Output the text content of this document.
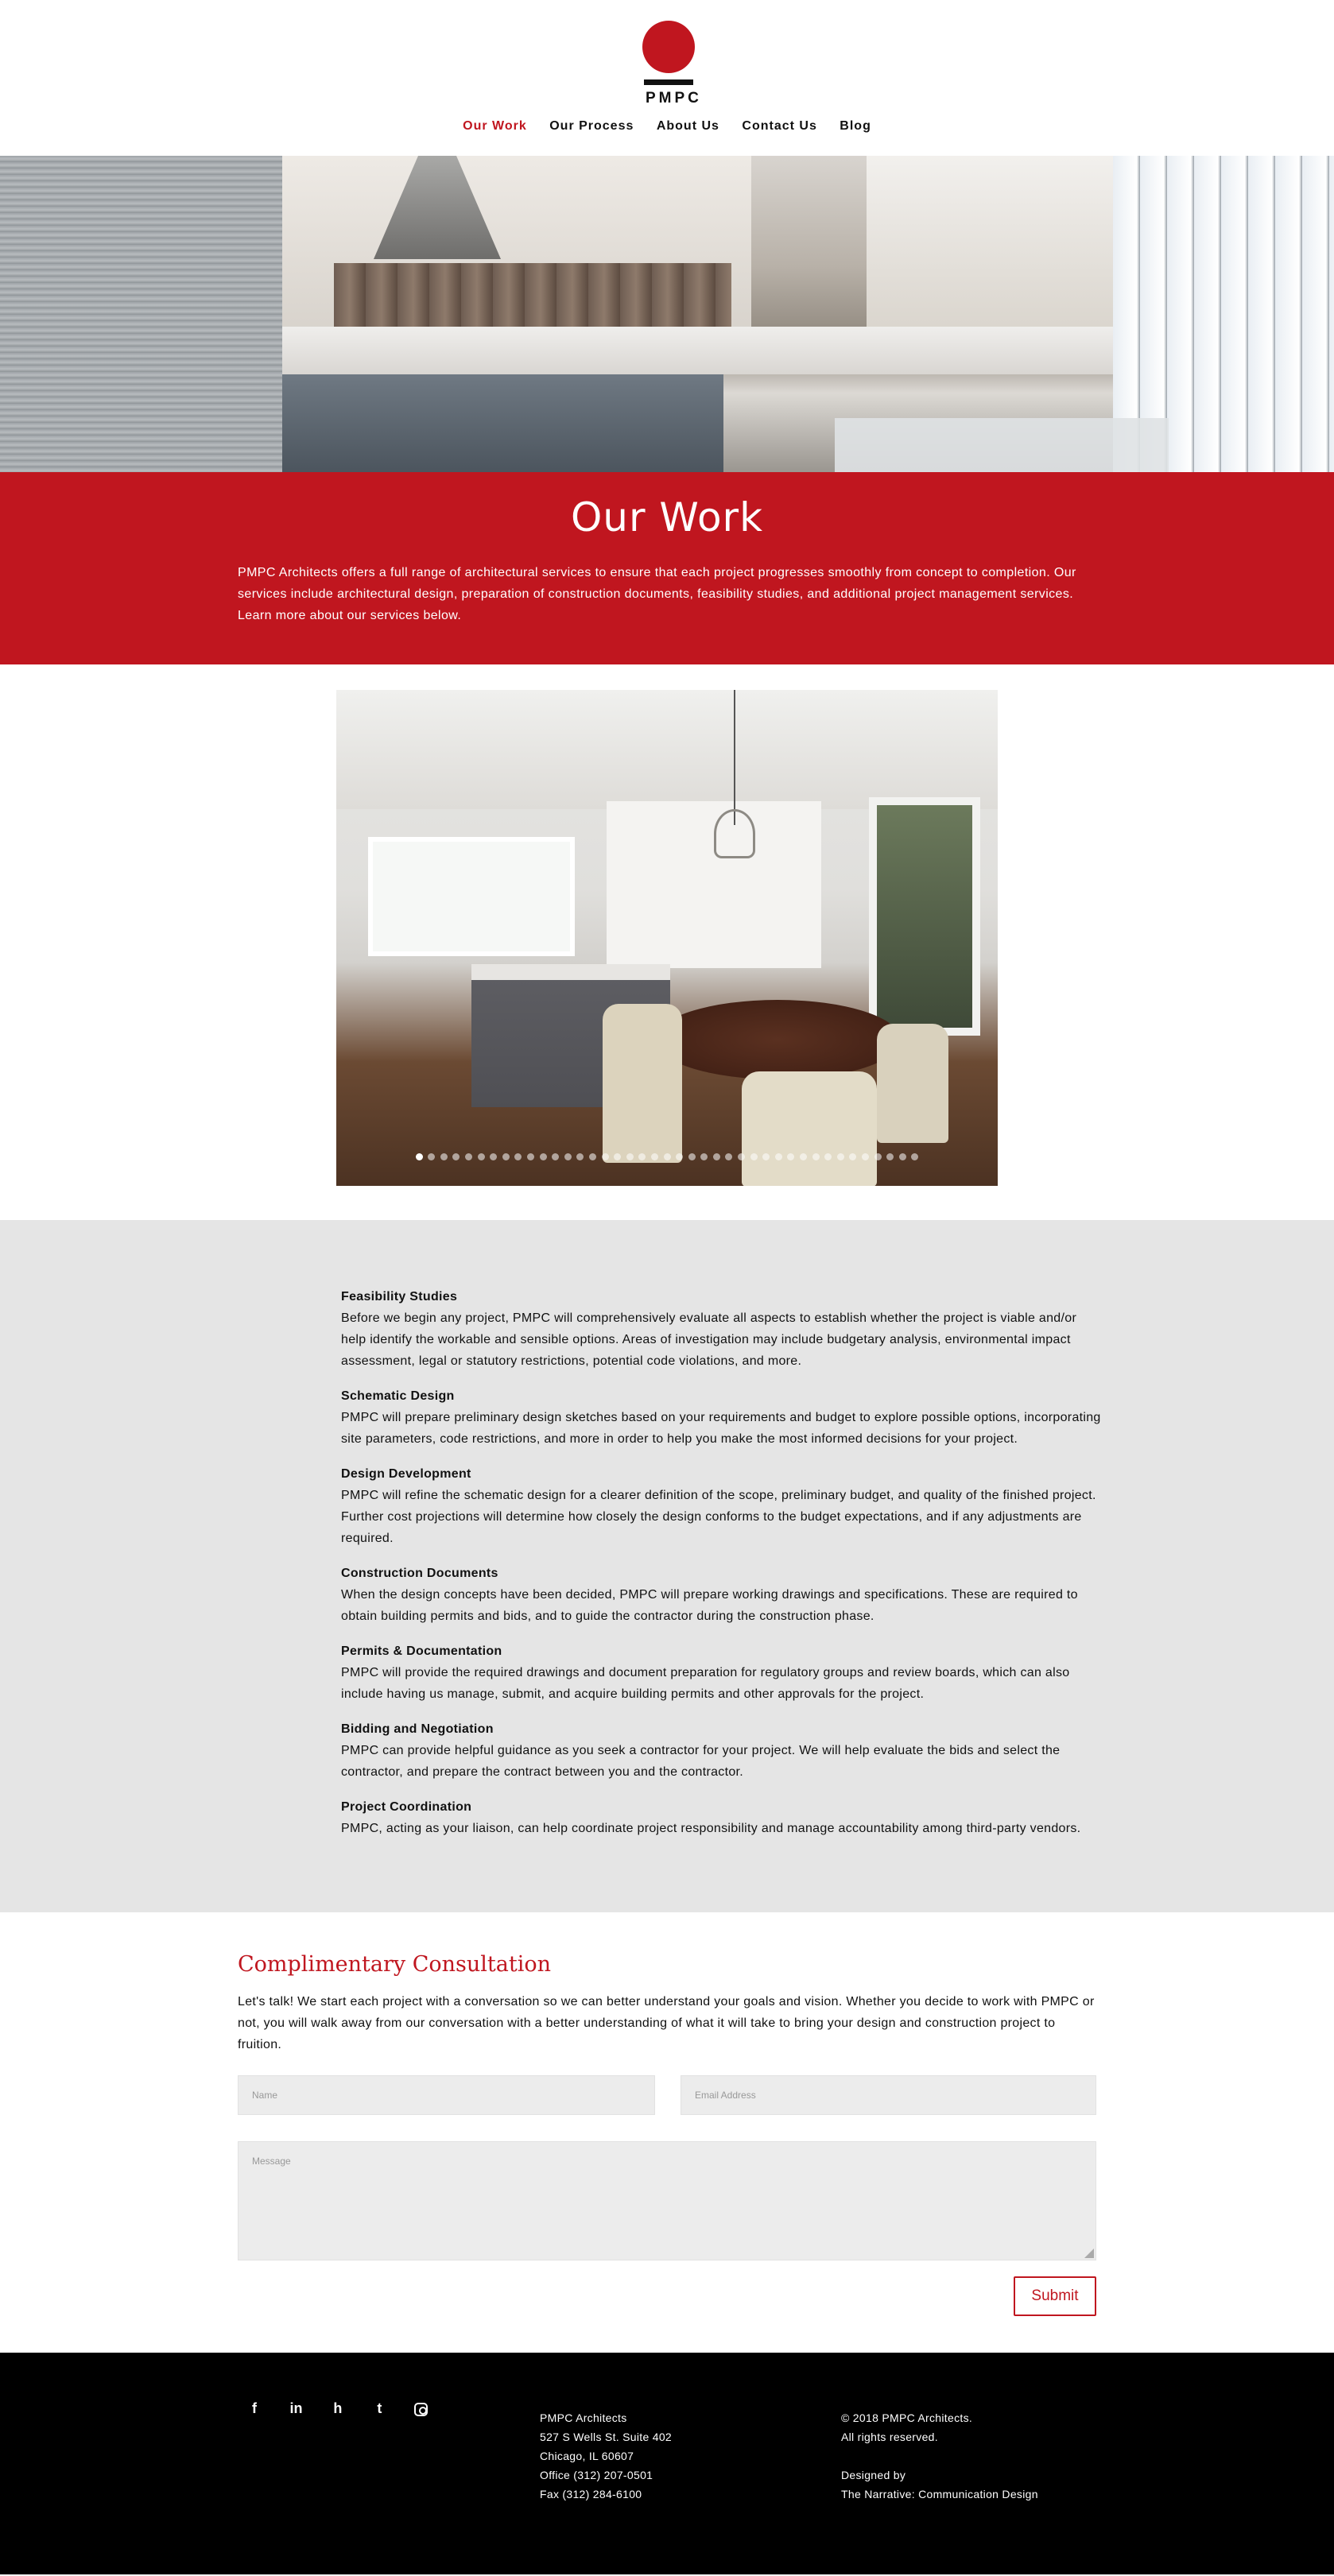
PMPC
Our Work Our Process About Us Contact Us Blog
Our Work

PMPC Architects offers a full range of architectural services to ensure that each project progresses smoothly from concept to completion. Our services include architectural design, preparation of construction documents, feasibility studies, and additional project management services. Learn more about our services below.

Feasibility Studies

Before we begin any project, PMPC will comprehensively evaluate all aspects to establish whether the project is viable and/or help identify the workable and sensible options. Areas of investigation may include budgetary analysis, environmental impact assessment, legal or statutory restrictions, potential code violations, and more.

Schematic Design

PMPC will prepare preliminary design sketches based on your requirements and budget to explore possible options, incorporating site parameters, code restrictions, and more in order to help you make the most informed decisions for your project.

Design Development

PMPC will refine the schematic design for a clearer definition of the scope, preliminary budget, and quality of the finished project. Further cost projections will determine how closely the design conforms to the budget expectations, and if any adjustments are required.

Construction Documents

When the design concepts have been decided, PMPC will prepare working drawings and specifications. These are required to obtain building permits and bids, and to guide the contractor during the construction phase.

Permits & Documentation

PMPC will provide the required drawings and document preparation for regulatory groups and review boards, which can also include having us manage, submit, and acquire building permits and other approvals for the project.

Bidding and Negotiation

PMPC can provide helpful guidance as you seek a contractor for your project. We will help evaluate the bids and select the contractor, and prepare the contract between you and the contractor.

Project Coordination

PMPC, acting as your liaison, can help coordinate project responsibility and manage accountability among third-party vendors.

Complimentary Consultation

Let's talk! We start each project with a conversation so we can better understand your goals and vision. Whether you decide to work with PMPC or not, you will walk away from our conversation with a better understanding of what it will take to bring your design and construction project to fruition.

Name	Email Address
Message
Submit
f in h t
PMPC Architects
527 S Wells St. Suite 402
Chicago, IL 60607
Office (312) 207-0501
Fax (312) 284-6100
© 2018 PMPC Architects.
All rights reserved.
Designed by
The Narrative: Communication Design
